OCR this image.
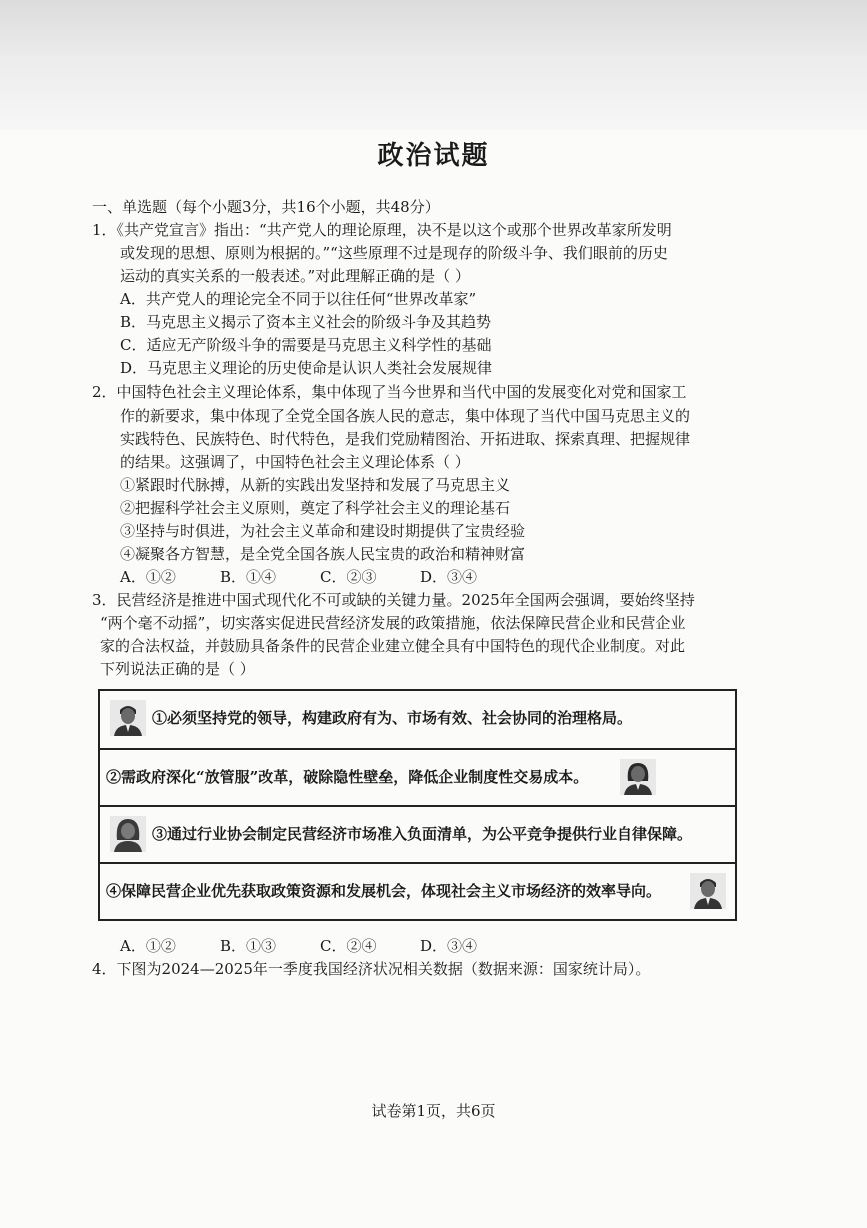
政治试题
一、单选题（每个小题3分，共16个小题，共48分）
1．《共产党宣言》指出：“共产党人的理论原理，决不是以这个或那个世界改革家所发明
或发现的思想、原则为根据的。”“这些原理不过是现存的阶级斗争、我们眼前的历史
运动的真实关系的一般表述。”对此理解正确的是（ ）
A．共产党人的理论完全不同于以往任何“世界改革家”
B．马克思主义揭示了资本主义社会的阶级斗争及其趋势
C．适应无产阶级斗争的需要是马克思主义科学性的基础
D．马克思主义理论的历史使命是认识人类社会发展规律
2．中国特色社会主义理论体系，集中体现了当今世界和当代中国的发展变化对党和国家工
作的新要求，集中体现了全党全国各族人民的意志，集中体现了当代中国马克思主义的
实践特色、民族特色、时代特色，是我们党励精图治、开拓进取、探索真理、把握规律
的结果。这强调了，中国特色社会主义理论体系（ ）
①紧跟时代脉搏，从新的实践出发坚持和发展了马克思主义
②把握科学社会主义原则，奠定了科学社会主义的理论基石
③坚持与时俱进，为社会主义革命和建设时期提供了宝贵经验
④凝聚各方智慧，是全党全国各族人民宝贵的政治和精神财富
A．①②	B．①④	C．②③	D．③④
3．民营经济是推进中国式现代化不可或缺的关键力量。2025年全国两会强调，要始终坚持
“两个毫不动摇”，切实落实促进民营经济发展的政策措施，依法保障民营企业和民营企业
家的合法权益，并鼓励具备条件的民营企业建立健全具有中国特色的现代企业制度。对此
下列说法正确的是（ ）
①必须坚持党的领导，构建政府有为、市场有效、社会协同的治理格局。
②需政府深化“放管服”改革，破除隐性壁垒，降低企业制度性交易成本。
③通过行业协会制定民营经济市场准入负面清单，为公平竞争提供行业自律保障。
④保障民营企业优先获取政策资源和发展机会，体现社会主义市场经济的效率导向。
A．①②	B．①③	C．②④	D．③④
4．下图为2024—2025年一季度我国经济状况相关数据（数据来源：国家统计局）。
试卷第1页，共6页
